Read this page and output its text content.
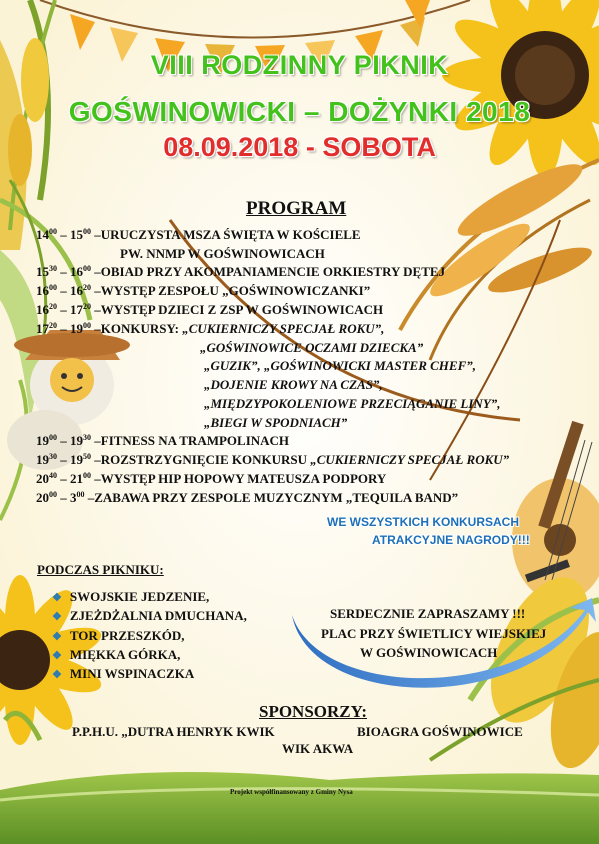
VIII RODZINNY PIKNIK
GOŚWINOWICKI – DOŻYNKI 2018
08.09.2018 - SOBOTA
PROGRAM
$14^{00} - 15^{00}$ –URUCZYSTA MSZA ŚWIĘTA W KOŚCIELE
PW. NNMP W GOŚWINOWICACH
$15^{30} - 16^{00}$ –OBIAD PRZY AKOMPANIAMENCIE ORKIESTRY DĘTEJ
$16^{00} - 16^{20}$ –WYSTĘP ZESPOŁU „GOŚWINOWICZANKI”
$16^{20} - 17^{20}$ –WYSTĘP DZIECI Z ZSP W GOŚWINOWICACH
$17^{20} - 19^{00}$ –KONKURSY: „CUKIERNICZY SPECJAŁ ROKU”,
„GOŚWINOWICE OCZAMI DZIECKA”
„GUZIK”, „GOŚWINOWICKI MASTER CHEF”,
„DOJENIE KROWY NA CZAS”,
„MIĘDZYPOKOLENIOWE PRZECIĄGANIE LINY”,
„BIEGI W SPODNIACH”
$19^{00} - 19^{30}$ –FITNESS NA TRAMPOLINACH
$19^{30} - 19^{50}$ –ROZSTRZYGNIĘCIE KONKURSU „CUKIERNICZY SPECJAŁ ROKU”
$20^{40} - 21^{00}$ –WYSTĘP HIP HOPOWY MATEUSZA PODPORY
$20^{00} - 3^{00}$ –ZABAWA PRZY ZESPOLE MUZYCZNYM „TEQUILA BAND”
WE WSZYSTKICH KONKURSACH
ATRAKCYJNE NAGRODY!!!
PODCZAS PIKNIKU:
❖ SWOJSKIE JEDZENIE,
❖ ZJEŻDŻALNIA DMUCHANA,
❖ TOR PRZESZKÓD,
❖ MIĘKKA GÓRKA,
❖ MINI WSPINACZKA
SERDECZNIE ZAPRASZAMY !!!
PLAC PRZY ŚWIETLICY WIEJSKIEJ
W GOŚWINOWICACH
SPONSORZY:
P.P.H.U. „DUTRA HENRYK KWIK	BIOAGRA GOŚWINOWICE
WIK AKWA
Projekt współfinansowany z Gminy Nysa
